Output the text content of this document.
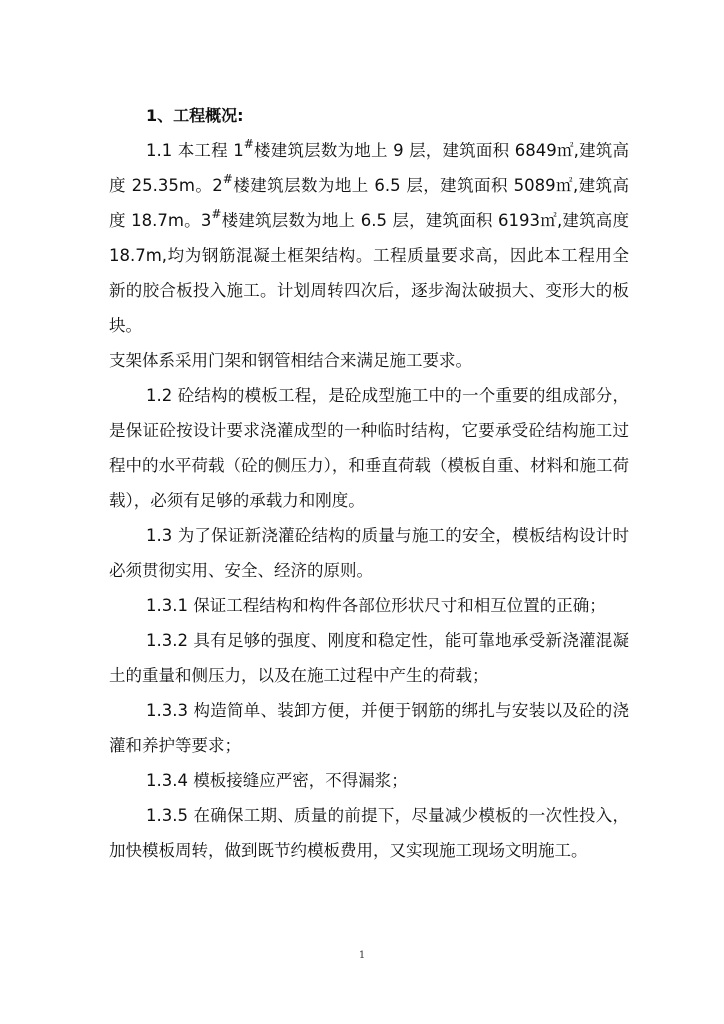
1、工程概况:

1.1 本工程 1#楼建筑层数为地上 9 层，建筑面积 6849㎡,建筑高度 25.35m。2#楼建筑层数为地上 6.5 层，建筑面积 5089㎡,建筑高度 18.7m。3#楼建筑层数为地上 6.5 层，建筑面积 6193㎡,建筑高度 18.7m,均为钢筋混凝土框架结构。工程质量要求高，因此本工程用全新的胶合板投入施工。计划周转四次后，逐步淘汰破损大、变形大的板块。

支架体系采用门架和钢管相结合来满足施工要求。

1.2 砼结构的模板工程，是砼成型施工中的一个重要的组成部分，是保证砼按设计要求浇灌成型的一种临时结构，它要承受砼结构施工过程中的水平荷载（砼的侧压力），和垂直荷载（模板自重、材料和施工荷载），必须有足够的承载力和刚度。

1.3 为了保证新浇灌砼结构的质量与施工的安全，模板结构设计时必须贯彻实用、安全、经济的原则。

1.3.1 保证工程结构和构件各部位形状尺寸和相互位置的正确；

1.3.2 具有足够的强度、刚度和稳定性，能可靠地承受新浇灌混凝土的重量和侧压力，以及在施工过程中产生的荷载；

1.3.3 构造简单、装卸方便，并便于钢筋的绑扎与安装以及砼的浇灌和养护等要求；

1.3.4 模板接缝应严密，不得漏浆；

1.3.5 在确保工期、质量的前提下，尽量减少模板的一次性投入，加快模板周转，做到既节约模板费用，又实现施工现场文明施工。

1
